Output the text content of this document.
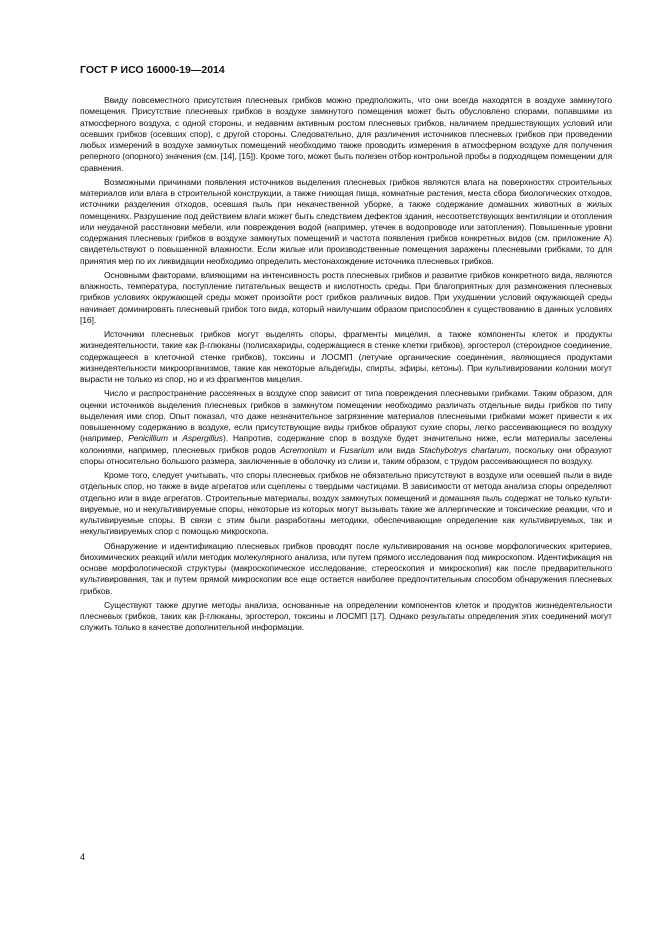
ГОСТ Р ИСО 16000-19—2014

Ввиду повсеместного присутствия плесневых грибков можно предположить, что они всегда находятся в воздухе замкнутого помещения. Присутствие плесневых грибков в воздухе замкнутого помещения может быть обусловлено спорами, попавшими из атмосферного воздуха, с одной стороны, и недавним активным ростом плесневых грибков, наличием предшествующих условий или осевших грибков (осевших спор), с другой стороны. Следовательно, для различения источников плесневых грибков при проведении любых измерений в воздухе замкнутых помещений необходимо также проводить измерения в атмосферном воздухе для получения реперного (опорного) значения (см. [14], [15]). Кроме того, может быть полезен отбор контрольной пробы в подходящем помещении для сравнения.

Возможными причинами появления источников выделения плесневых грибков являются влага на поверхностях строительных материалов или влага в строительной конструкции, а также гниющая пища, комнатные растения, места сбора биологических отходов, источники разделения отходов, осевшая пыль при некачественной уборке, а также содержание домашних животных в жилых помещениях. Разрушение под действием влаги может быть следствием дефектов здания, несоответствующих вентиляции и отопления или неудачной расстановки мебели, или повреждения водой (например, утечек в водопроводе или затопления). Повышенные уровни содержания плесневых грибков в воздухе замкнутых помещений и частота появления грибков конкретных видов (см. приложение А) свидетельствуют о повышенной влажности. Если жилые или производственные помещения заражены плесневыми грибками, то для принятия мер по их ликвидации необходимо определить местонахождение источника плесневых грибков.

Основными факторами, влияющими на интенсивность роста плесневых грибков и развитие грибков конкретного вида, являются влажность, температура, поступление питательных веществ и кислотность среды. При благоприятных для размножения плесневых грибков условиях окружающей среды может произойти рост грибков различных видов. При ухудшении условий окружающей среды начинает доминировать плесневый грибок того вида, который наилучшим образом приспособлен к существованию в данных условиях [16].

Источники плесневых грибков могут выделять споры, фрагменты мицелия, а также компоненты клеток и продукты жизнедеятельности, такие как β-глюканы (полисахариды, содержащиеся в стенке клетки грибков), эргостерол (стероидное соединение, содержащееся в клеточной стенке грибков), токсины и ЛОСМП (летучие органические соединения, являющиеся продуктами жизнедеятельности микроорганизмов, такие как некоторые альдегиды, спирты, эфиры, кетоны). При культивировании колонии могут вырасти не только из спор, но и из фрагментов мицелия.

Число и распространение рассеянных в воздухе спор зависит от типа повреждения плесневыми грибками. Таким образом, для оценки источников выделения плесневых грибков в замкнутом помещении необходимо различать отдельные виды грибков по типу выделения ими спор. Опыт показал, что даже незначительное загрязнение материалов плесневыми грибками может привести к их повышенному содержанию в воздухе, если присутствующие виды грибков образуют сухие споры, легко рассеивающиеся по воздуху (например, Penicillium и Aspergillus). Напротив, содержание спор в воздухе будет значительно ниже, если материалы заселены колониями, например, плесневых грибков родов Acremonium и Fusarium или вида Stachybotrys chartarum, поскольку они образуют споры относительно большого размера, заключенные в оболочку из слизи и, таким образом, с трудом рассеивающиеся по воздуху.

Кроме того, следует учитывать, что споры плесневых грибков не обязательно присутствуют в воздухе или осевшей пыли в виде отдельных спор, но также в виде агрегатов или сцеплены с твердыми частицами. В зависимости от метода анализа споры определяют отдельно или в виде агрегатов. Строительные материалы, воздух замкнутых помещений и домашняя пыль содержат не только культивируемые, но и некультивируемые споры, некоторые из которых могут вызывать такие же аллергические и токсические реакции, что и культивируемые споры. В связи с этим были разработаны методики, обеспечивающие определение как культивируемых, так и некультивируемых спор с помощью микроскопа.

Обнаружение и идентификацию плесневых грибков проводят после культивирования на основе морфологических критериев, биохимических реакций и/или методик молекулярного анализа, или путем прямого исследования под микроскопом. Идентификация на основе морфологической структуры (макроскопическое исследование, стереоскопия и микроскопия) как после предварительного культивирования, так и путем прямой микроскопии все еще остается наиболее предпочтительным способом обнаружения плесневых грибков.

Существуют также другие методы анализа, основанные на определении компонентов клеток и продуктов жизнедеятельности плесневых грибков, таких как β-глюканы, эргостерол, токсины и ЛОСМП [17]. Однако результаты определения этих соединений могут служить только в качестве дополнительной информации.

4
